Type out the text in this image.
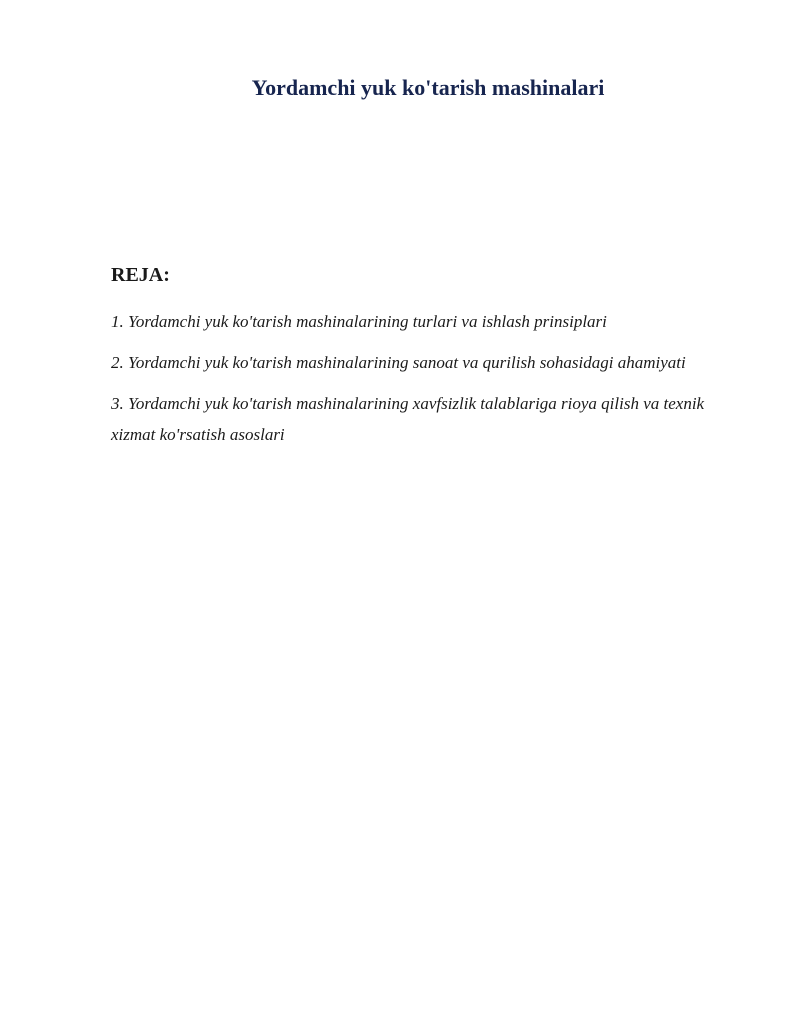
Yordamchi yuk ko'tarish mashinalari
REJA:
1. Yordamchi yuk ko'tarish mashinalarining turlari va ishlash prinsiplari
2. Yordamchi yuk ko'tarish mashinalarining sanoat va qurilish sohasidagi ahamiyati
3. Yordamchi yuk ko'tarish mashinalarining xavfsizlik talablariga rioya qilish va texnik xizmat ko'rsatish asoslari
